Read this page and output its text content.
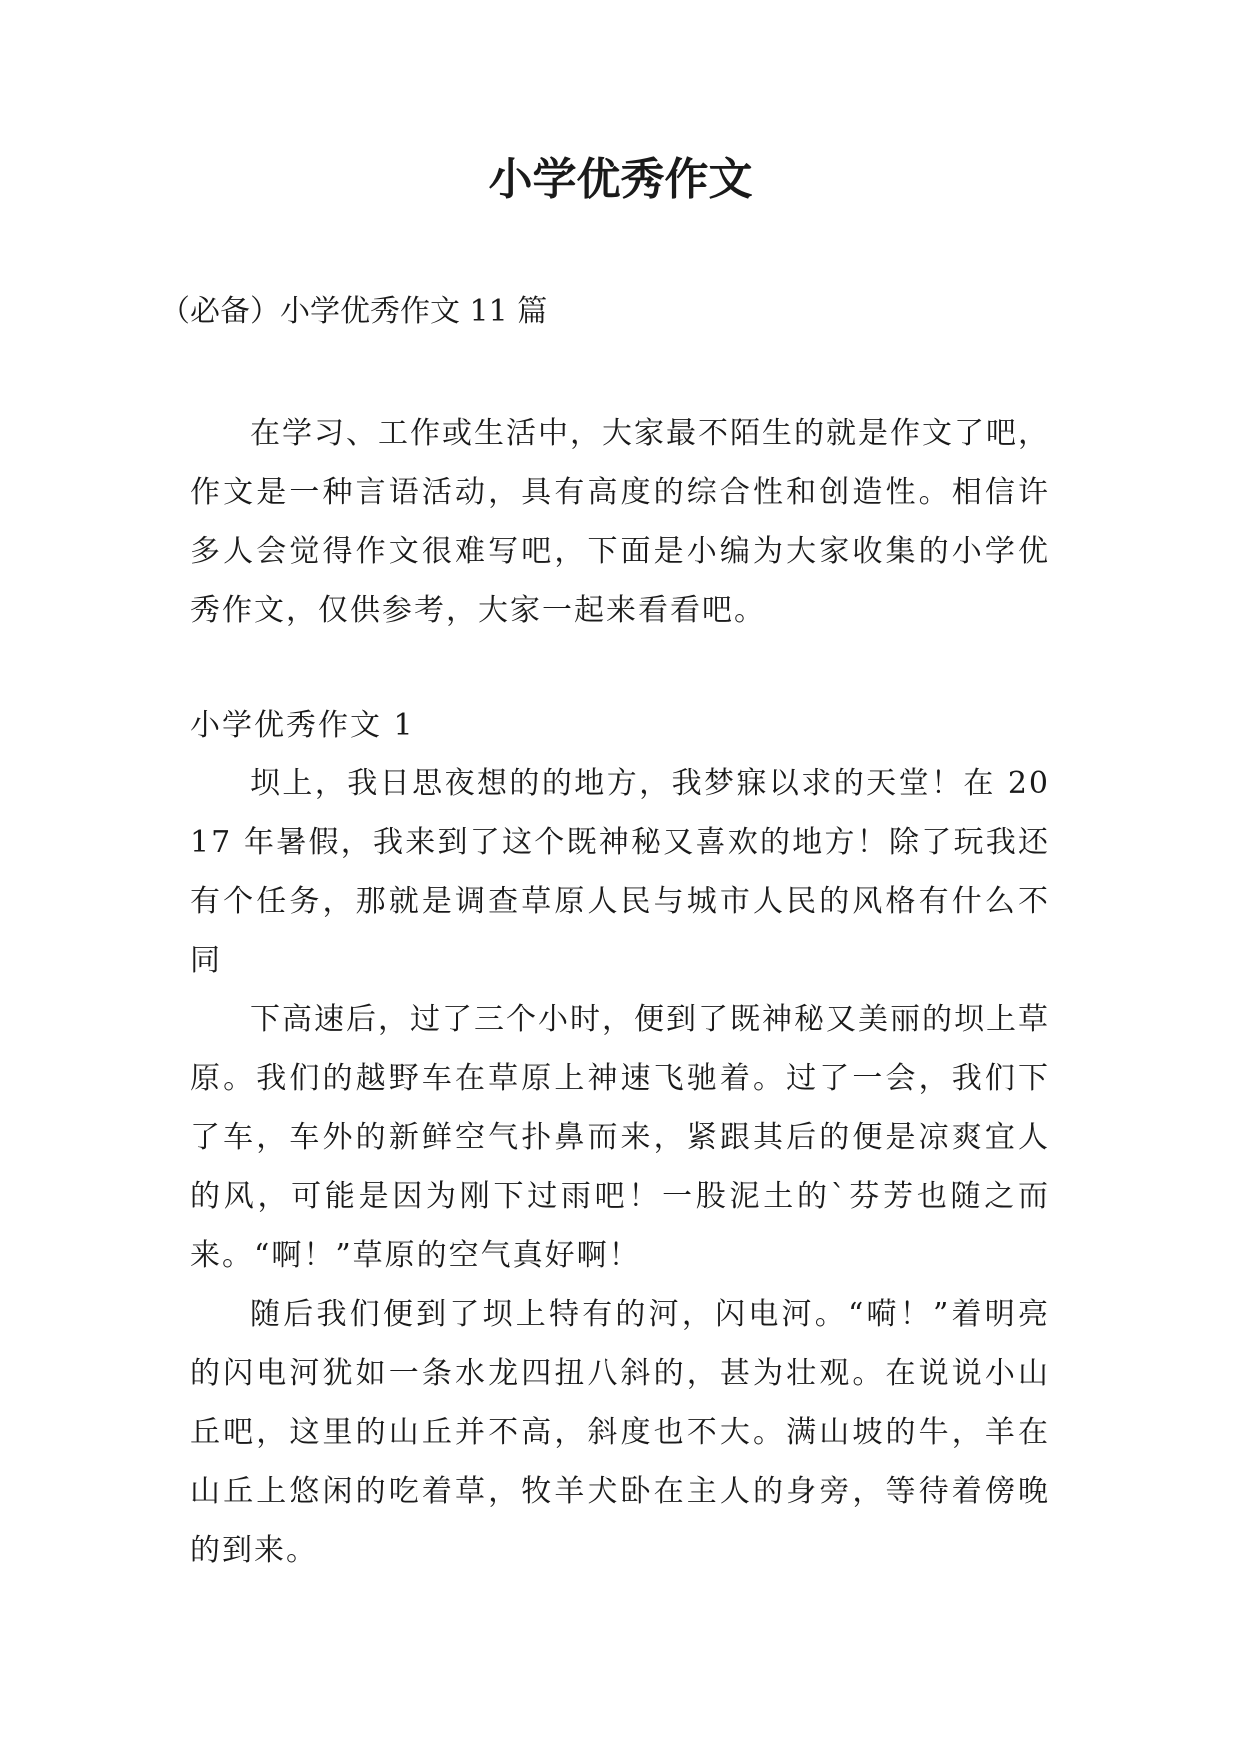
小学优秀作文
（必备）小学优秀作文 11 篇

在学习、工作或生活中，大家最不陌生的就是作文了吧，作文是一种言语活动，具有高度的综合性和创造性。相信许多人会觉得作文很难写吧，下面是小编为大家收集的小学优秀作文，仅供参考，大家一起来看看吧。

小学优秀作文 1

坝上，我日思夜想的的地方，我梦寐以求的天堂！在 2017 年暑假，我来到了这个既神秘又喜欢的地方！除了玩我还有个任务，那就是调查草原人民与城市人民的风格有什么不同

下高速后，过了三个小时，便到了既神秘又美丽的坝上草原。我们的越野车在草原上神速飞驰着。过了一会，我们下了车，车外的新鲜空气扑鼻而来，紧跟其后的便是凉爽宜人的风，可能是因为刚下过雨吧！一股泥土的`芬芳也随之而来。“啊！”草原的空气真好啊！

随后我们便到了坝上特有的河，闪电河。“嗬！”着明亮的闪电河犹如一条水龙四扭八斜的，甚为壮观。在说说小山丘吧，这里的山丘并不高，斜度也不大。满山坡的牛，羊在山丘上悠闲的吃着草，牧羊犬卧在主人的身旁，等待着傍晚的到来。
